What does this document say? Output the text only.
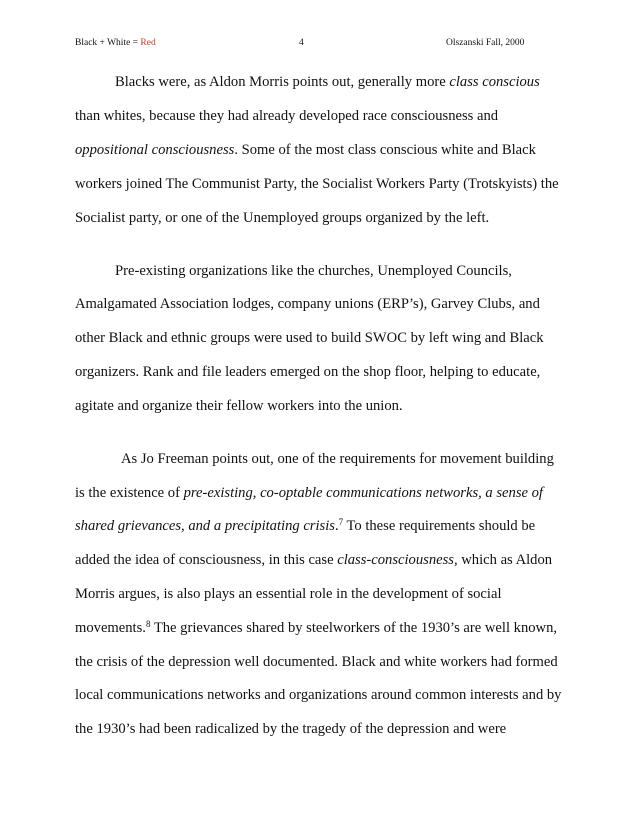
Black + White = Red	4	Olszanski Fall, 2000
Blacks were, as Aldon Morris points out, generally more class conscious
than whites, because they had already developed race consciousness and
oppositional consciousness. Some of the most class conscious white and Black
workers joined The Communist Party, the Socialist Workers Party (Trotskyists) the
Socialist party, or one of the Unemployed groups organized by the left.
Pre-existing organizations like the churches, Unemployed Councils,
Amalgamated Association lodges, company unions (ERP’s), Garvey Clubs, and
other Black and ethnic groups were used to build SWOC by left wing and Black
organizers. Rank and file leaders emerged on the shop floor, helping to educate,
agitate and organize their fellow workers into the union.
As Jo Freeman points out, one of the requirements for movement building
is the existence of pre-existing, co-optable communications networks, a sense of
shared grievances, and a precipitating crisis.$^7$ To these requirements should be
added the idea of consciousness, in this case class-consciousness, which as Aldon
Morris argues, is also plays an essential role in the development of social
movements.$^8$ The grievances shared by steelworkers of the 1930’s are well known,
the crisis of the depression well documented. Black and white workers had formed
local communications networks and organizations around common interests and by
the 1930’s had been radicalized by the tragedy of the depression and were
